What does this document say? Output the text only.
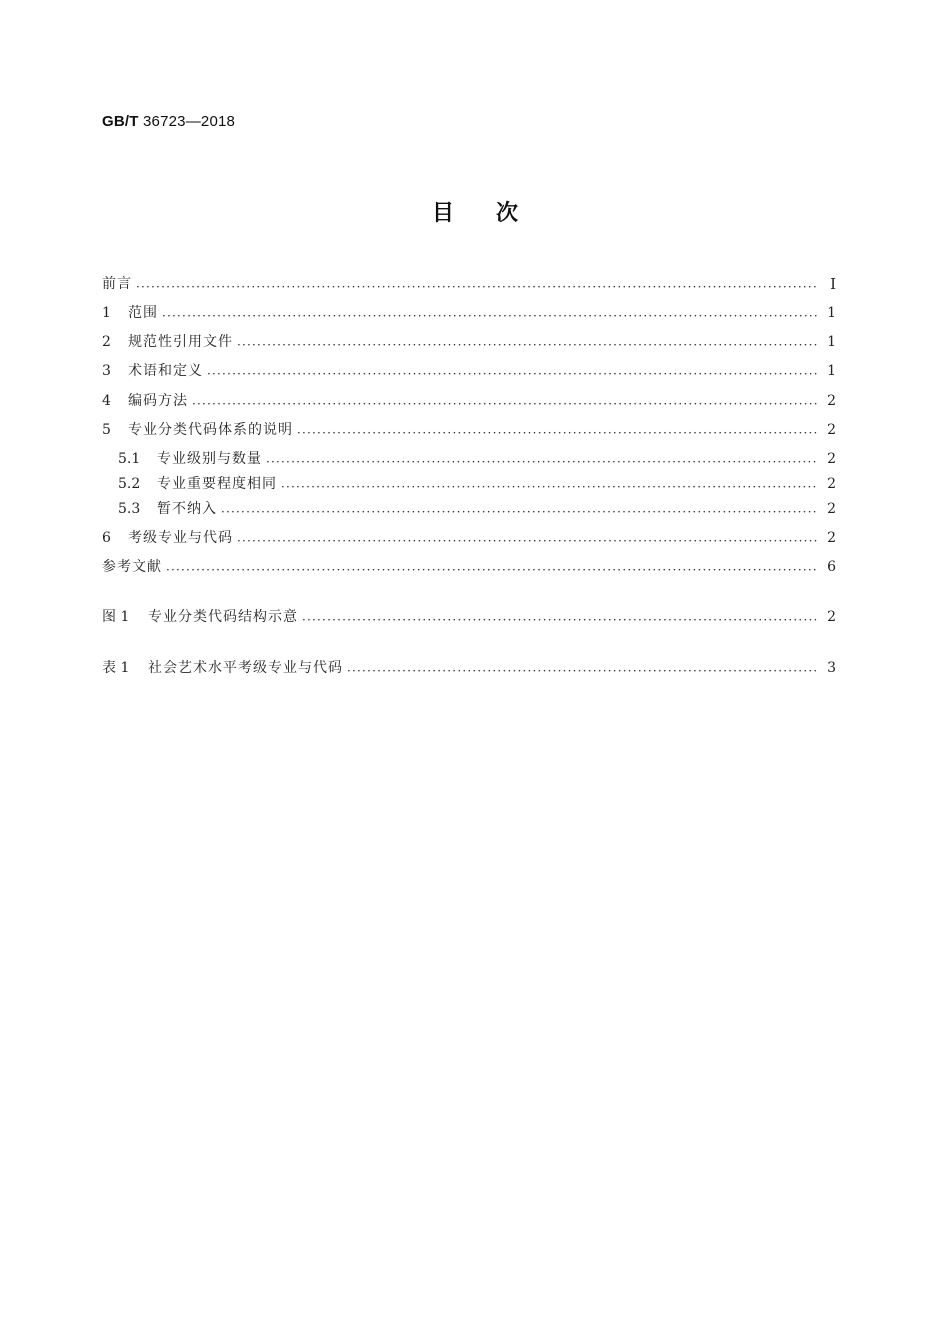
GB/T 36723—2018
目 次
前言 ·····	Ⅰ
1	范围 ·····	1
2	规范性引用文件 ·····	1
3	术语和定义 ·····	1
4	编码方法 ·····	2
5	专业分类代码体系的说明 ·····	2
5.1	专业级别与数量 ·····	2
5.2	专业重要程度相同 ·····	2
5.3	暂不纳入 ·····	2
6	考级专业与代码 ·····	2
参考文献 ·····	6
图 1	专业分类代码结构示意 ·····	2
表 1	社会艺术水平考级专业与代码 ·····	3
